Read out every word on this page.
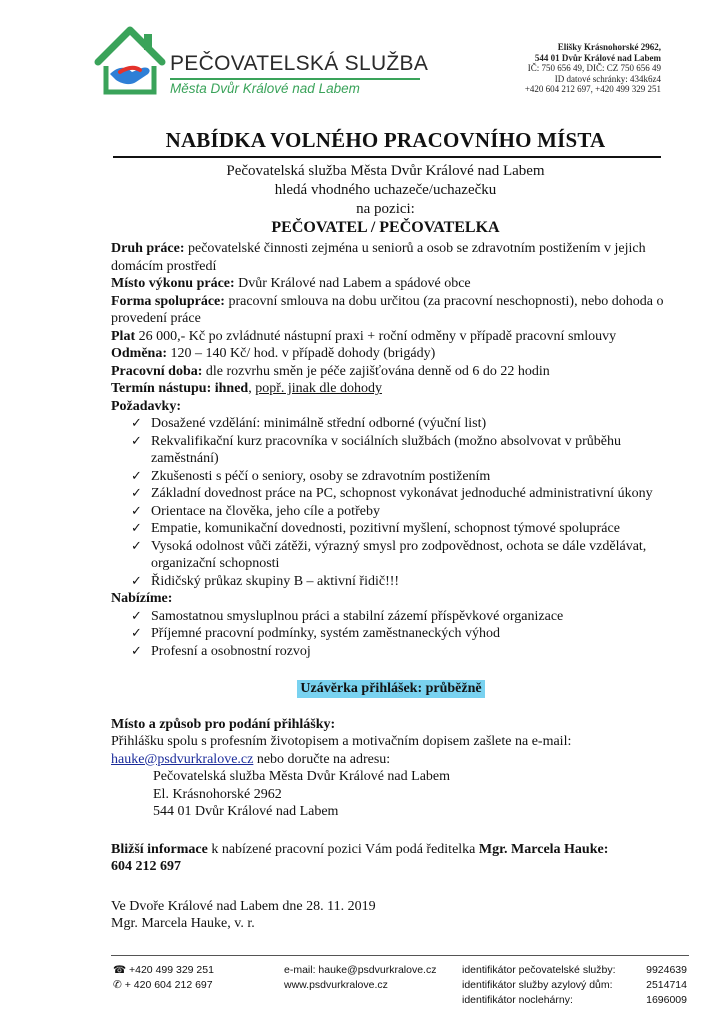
PEČOVATELSKÁ SLUŽBA
Města Dvůr Králové nad Labem
Elišky Krásnohorské 2962,
544 01 Dvůr Králové nad Labem
IČ: 750 656 49, DIČ: CZ 750 656 49
ID datové schránky: 434k6z4
+420 604 212 697, +420 499 329 251
NABÍDKA VOLNÉHO PRACOVNÍHO MÍSTA
Pečovatelská služba Města Dvůr Králové nad Labem
hledá vhodného uchazeče/uchazečku
na pozici:
PEČOVATEL / PEČOVATELKA

Druh práce: pečovatelské činnosti zejména u seniorů a osob se zdravotním postižením v jejich domácím prostředí

Místo výkonu práce: Dvůr Králové nad Labem a spádové obce

Forma spolupráce: pracovní smlouva na dobu určitou (za pracovní neschopnosti), nebo dohoda o provedení práce

Plat 26 000,- Kč po zvládnuté nástupní praxi + roční odměny v případě pracovní smlouvy

Odměna: 120 – 140 Kč/ hod. v případě dohody (brigády)

Pracovní doba: dle rozvrhu směn je péče zajišťována denně od 6 do 22 hodin

Termín nástupu: ihned, popř. jinak dle dohody

Požadavky:

✓ Dosažené vzdělání: minimálně střední odborné (výuční list)
✓ Rekvalifikační kurz pracovníka v sociálních službách (možno absolvovat v průběhu zaměstnání)
✓ Zkušenosti s péčí o seniory, osoby se zdravotním postižením
✓ Základní dovednost práce na PC, schopnost vykonávat jednoduché administrativní úkony
✓ Orientace na člověka, jeho cíle a potřeby
✓ Empatie, komunikační dovednosti, pozitivní myšlení, schopnost týmové spolupráce
✓ Vysoká odolnost vůči zátěži, výrazný smysl pro zodpovědnost, ochota se dále vzdělávat, organizační schopnosti
✓ Řidičský průkaz skupiny B – aktivní řidič!!!

Nabízíme:

✓ Samostatnou smysluplnou práci a stabilní zázemí příspěvkové organizace
✓ Příjemné pracovní podmínky, systém zaměstnaneckých výhod
✓ Profesní a osobnostní rozvoj
Uzávěrka přihlášek: průběžně

Místo a způsob pro podání přihlášky:

Přihlášku spolu s profesním životopisem a motivačním dopisem zašlete na e-mail:

hauke@psdvurkralove.cz nebo doručte na adresu:

Pečovatelská služba Města Dvůr Králové nad Labem

El. Krásnohorské 2962

544 01 Dvůr Králové nad Labem

Bližší informace k nabízené pracovní pozici Vám podá ředitelka Mgr. Marcela Hauke:

604 212 697

Ve Dvoře Králové nad Labem dne 28. 11. 2019

Mgr. Marcela Hauke, v. r.

☎ +420 499 329 251
✆ + 420 604 212 697
e-mail: hauke@psdvurkralove.cz
www.psdvurkralove.cz
identifikátor pečovatelské služby:	9924639
identifikátor služby azylový dům:	2514714
identifikátor noclehárny:	1696009
